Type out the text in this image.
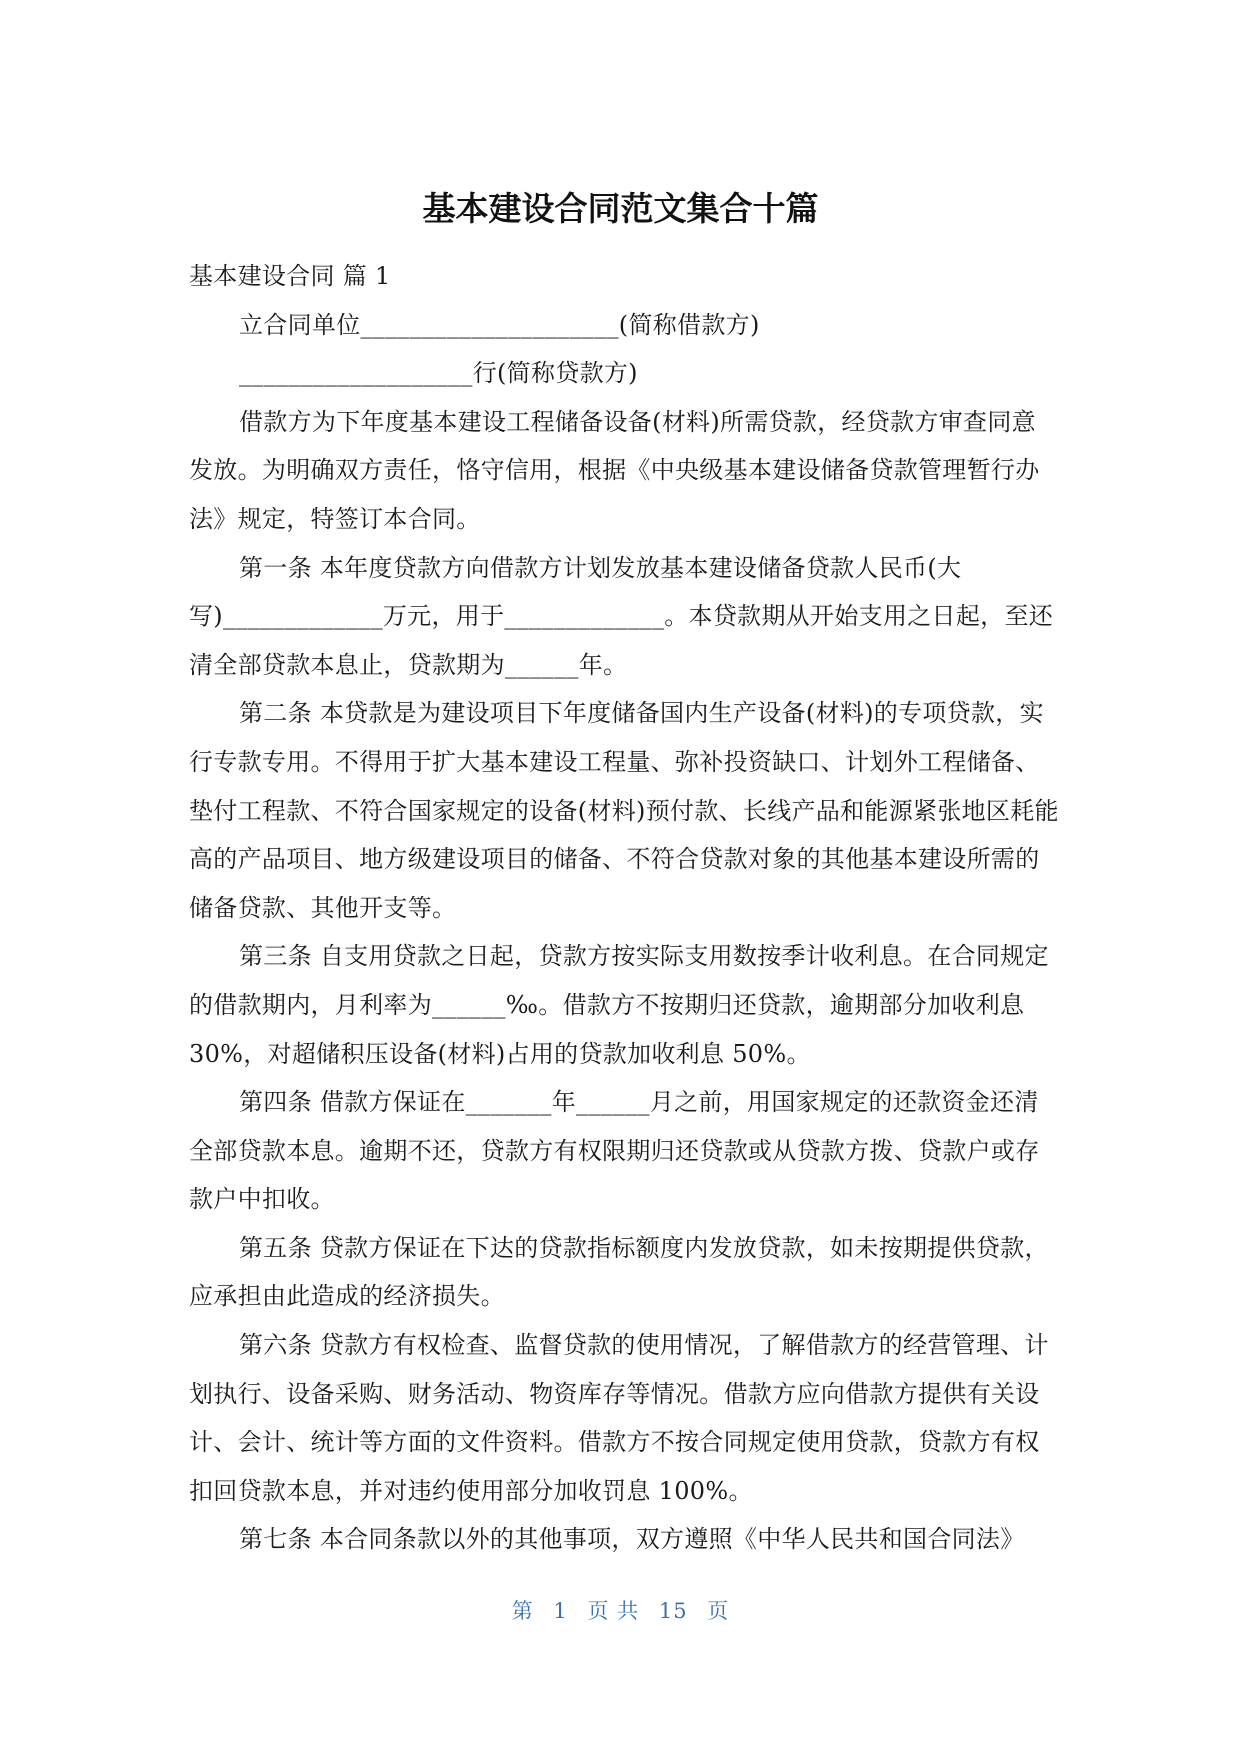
基本建设合同范文集合十篇

基本建设合同 篇 1

立合同单位_____________________(简称借款方)

___________________行(简称贷款方)

借款方为下年度基本建设工程储备设备(材料)所需贷款，经贷款方审查同意发放。为明确双方责任，恪守信用，根据《中央级基本建设储备贷款管理暂行办法》规定，特签订本合同。

第一条 本年度贷款方向借款方计划发放基本建设储备贷款人民币(大写)_____________万元，用于_____________。本贷款期从开始支用之日起，至还清全部贷款本息止，贷款期为______年。

第二条 本贷款是为建设项目下年度储备国内生产设备(材料)的专项贷款，实行专款专用。不得用于扩大基本建设工程量、弥补投资缺口、计划外工程储备、垫付工程款、不符合国家规定的设备(材料)预付款、长线产品和能源紧张地区耗能高的产品项目、地方级建设项目的储备、不符合贷款对象的其他基本建设所需的储备贷款、其他开支等。

第三条 自支用贷款之日起，贷款方按实际支用数按季计收利息。在合同规定的借款期内，月利率为______‰。借款方不按期归还贷款，逾期部分加收利息 30%，对超储积压设备(材料)占用的贷款加收利息 50%。

第四条 借款方保证在_______年______月之前，用国家规定的还款资金还清全部贷款本息。逾期不还，贷款方有权限期归还贷款或从贷款方拨、贷款户或存款户中扣收。

第五条 贷款方保证在下达的贷款指标额度内发放贷款，如未按期提供贷款，应承担由此造成的经济损失。

第六条 贷款方有权检查、监督贷款的使用情况，了解借款方的经营管理、计划执行、设备采购、财务活动、物资库存等情况。借款方应向借款方提供有关设计、会计、统计等方面的文件资料。借款方不按合同规定使用贷款，贷款方有权扣回贷款本息，并对违约使用部分加收罚息 100%。

第七条 本合同条款以外的其他事项，双方遵照《中华人民共和国合同法》

第 1 页 共 15 页
